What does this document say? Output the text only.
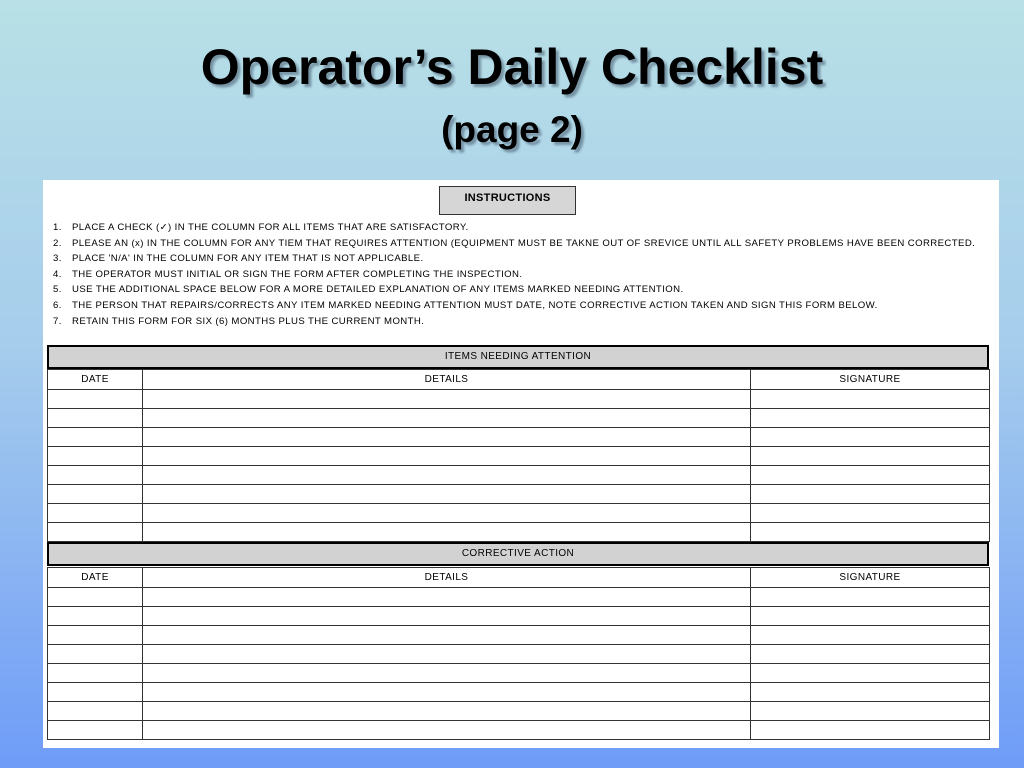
Operator’s Daily Checklist
(page 2)
INSTRUCTIONS
1.	PLACE A CHECK (✓) IN THE COLUMN FOR ALL ITEMS THAT ARE SATISFACTORY.
2.	PLEASE AN (x) IN THE COLUMN FOR ANY TIEM THAT REQUIRES ATTENTION (EQUIPMENT MUST BE TAKNE OUT OF SREVICE UNTIL ALL SAFETY PROBLEMS HAVE BEEN CORRECTED.
3.	PLACE 'N/A' IN THE COLUMN FOR ANY ITEM THAT IS NOT APPLICABLE.
4.	THE OPERATOR MUST INITIAL OR SIGN THE FORM AFTER COMPLETING THE INSPECTION.
5.	USE THE ADDITIONAL SPACE BELOW FOR A MORE DETAILED EXPLANATION OF ANY ITEMS MARKED NEEDING ATTENTION.
6.	THE PERSON THAT REPAIRS/CORRECTS ANY ITEM MARKED NEEDING ATTENTION MUST DATE, NOTE CORRECTIVE ACTION TAKEN AND SIGN THIS FORM BELOW.
7.	RETAIN THIS FORM FOR SIX (6) MONTHS PLUS THE CURRENT MONTH.
ITEMS NEEDING ATTENTION
DATE	DETAILS	SIGNATURE

CORRECTIVE ACTION
DATE	DETAILS	SIGNATURE
